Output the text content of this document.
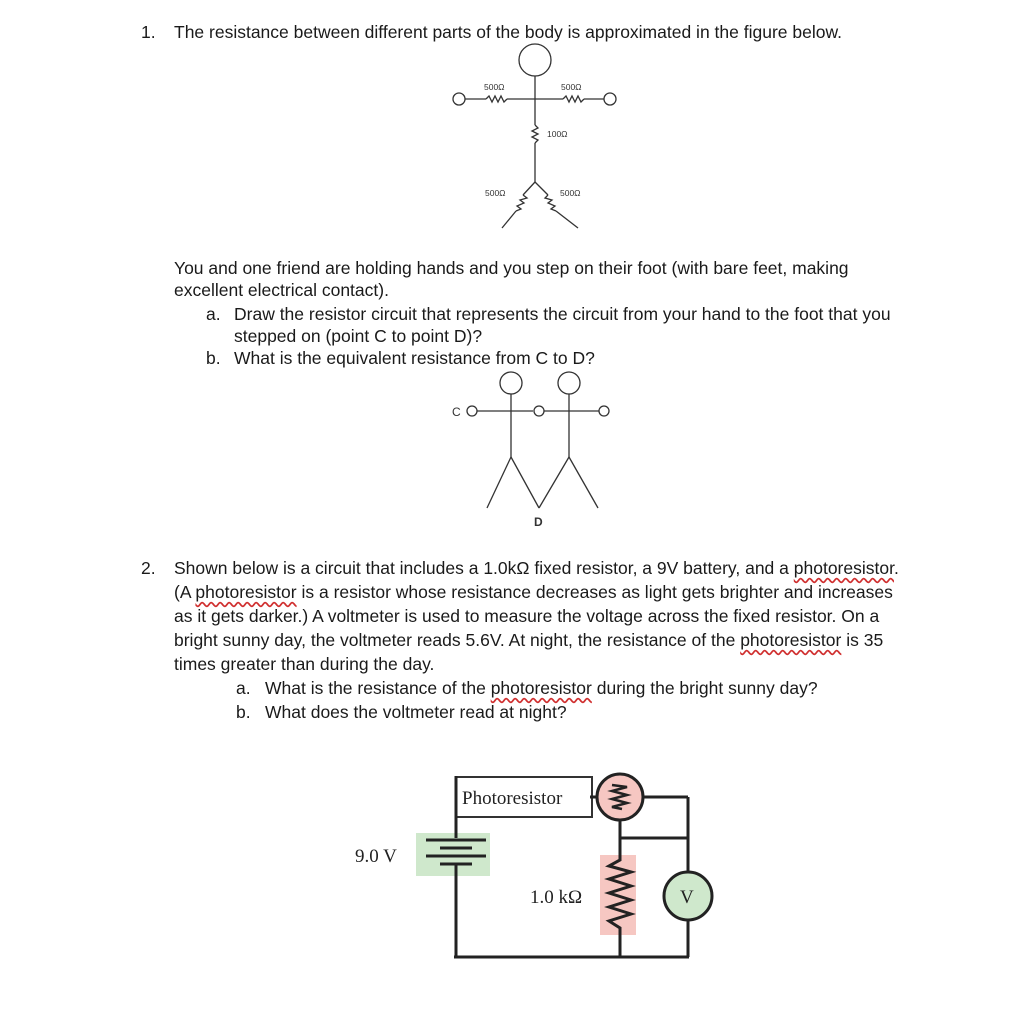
1. The resistance between different parts of the body is approximated in the figure below.
500Ω	500Ω
100Ω
500Ω	500Ω
You and one friend are holding hands and you step on their foot (with bare feet, making
excellent electrical contact).
a. Draw the resistor circuit that represents the circuit from your hand to the foot that you
stepped on (point C to point D)?
b. What is the equivalent resistance from C to D?
C
D
2. Shown below is a circuit that includes a 1.0kΩ fixed resistor, a 9V battery, and a photoresistor.
(A photoresistor is a resistor whose resistance decreases as light gets brighter and increases
as it gets darker.) A voltmeter is used to measure the voltage across the fixed resistor. On a
bright sunny day, the voltmeter reads 5.6V. At night, the resistance of the photoresistor is 35
times greater than during the day.
a. What is the resistance of the photoresistor during the bright sunny day?
b. What does the voltmeter read at night?
Photoresistor
9.0 V
1.0 kΩ	V
